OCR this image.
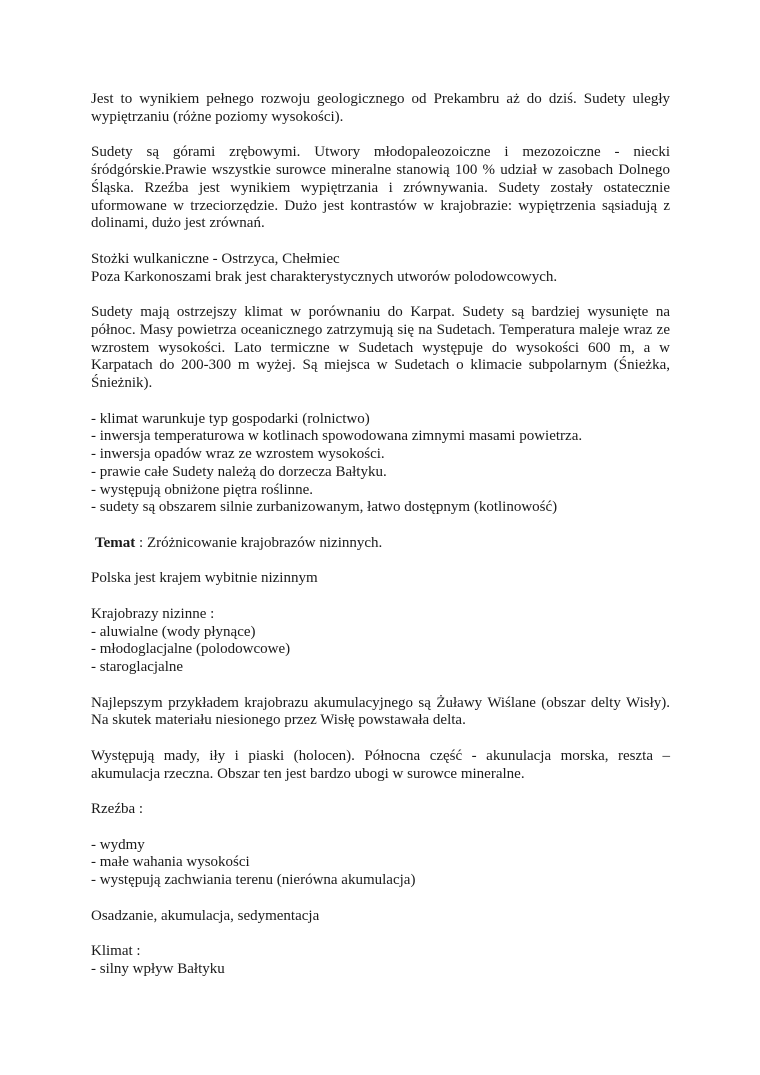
Jest to wynikiem pełnego rozwoju geologicznego od Prekambru aż do dziś. Sudety uległy wypiętrzaniu (różne poziomy wysokości).

Sudety są górami zrębowymi. Utwory młodopaleozoiczne i mezozoiczne - niecki śródgórskie.Prawie wszystkie surowce mineralne stanowią 100 % udział w zasobach Dolnego Śląska. Rzeźba jest wynikiem wypiętrzania i zrównywania. Sudety zostały ostatecznie uformowane w trzeciorzędzie. Dużo jest kontrastów w krajobrazie: wypiętrzenia sąsiadują z dolinami, dużo jest zrównań.

Stożki wulkaniczne - Ostrzyca, Chełmiec
Poza Karkonoszami brak jest charakterystycznych utworów polodowcowych.

Sudety mają ostrzejszy klimat w porównaniu do Karpat. Sudety są bardziej wysunięte na północ. Masy powietrza oceanicznego zatrzymują się na Sudetach. Temperatura maleje wraz ze wzrostem wysokości. Lato termiczne w Sudetach występuje do wysokości 600 m, a w Karpatach do 200-300 m wyżej. Są miejsca w Sudetach o klimacie subpolarnym (Śnieżka, Śnieżnik).

- klimat warunkuje typ gospodarki (rolnictwo)
- inwersja temperaturowa w kotlinach spowodowana zimnymi masami powietrza.
- inwersja opadów wraz ze wzrostem wysokości.
- prawie całe Sudety należą do dorzecza Bałtyku.
- występują obniżone piętra roślinne.
- sudety są obszarem silnie zurbanizowanym, łatwo dostępnym (kotlinowość)
Temat : Zróżnicowanie krajobrazów nizinnych.

Polska jest krajem wybitnie nizinnym

Krajobrazy nizinne :
- aluwialne (wody płynące)
- młodoglacjalne (polodowcowe)
- staroglacjalne

Najlepszym przykładem krajobrazu akumulacyjnego są Żuławy Wiślane (obszar delty Wisły). Na skutek materiału niesionego przez Wisłę powstawała delta.

Występują mady, iły i piaski (holocen). Północna część - akunulacja morska, reszta – akumulacja rzeczna. Obszar ten jest bardzo ubogi w surowce mineralne.

Rzeźba :

- wydmy
- małe wahania wysokości
- występują zachwiania terenu (nierówna akumulacja)

Osadzanie, akumulacja, sedymentacja

Klimat :
- silny wpływ Bałtyku
